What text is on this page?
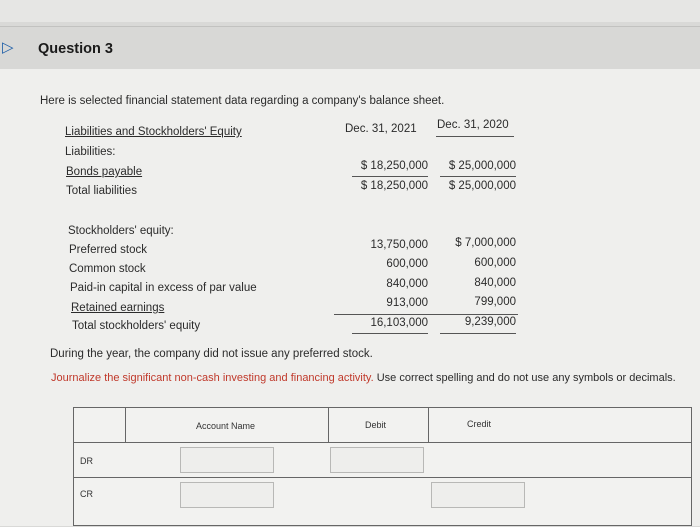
▷	Question 3
Here is selected financial statement data regarding a company's balance sheet.
Dec. 31, 2021 Dec. 31, 2020
Liabilities and Stockholders' Equity
Liabilities:
Bonds payable	$ 18,250,000 $ 25,000,000
Total liabilities	$ 18,250,000 $ 25,000,000
Stockholders' equity:
Preferred stock	13,750,000 $ 7,000,000
Common stock	600,000	600,000
Paid-in capital in excess of par value	840,000	840,000
Retained earnings	913,000	799,000
Total stockholders' equity	16,103,000	9,239,000
During the year, the company did not issue any preferred stock.
Journalize the significant non-cash investing and financing activity. Use correct spelling and do not use any symbols or decimals.
Account Name	Debit	Credit
DR
CR
